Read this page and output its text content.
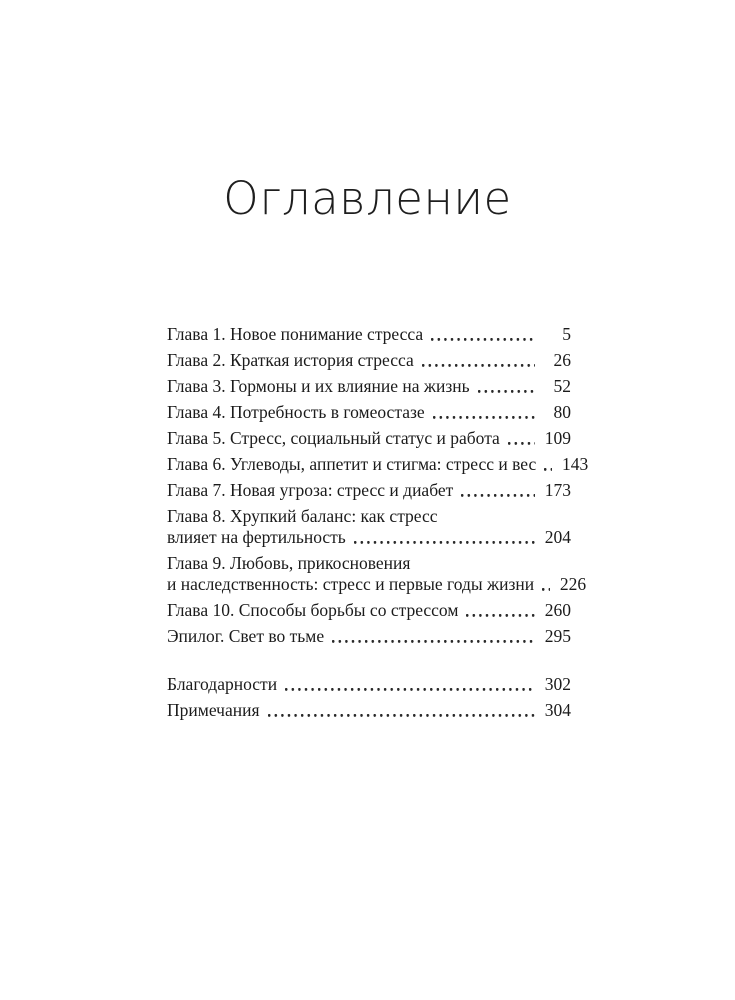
Оглавление
Глава 1. Новое понимание стресса	5
Глава 2. Краткая история стресса	26
Глава 3. Гормоны и их влияние на жизнь	52
Глава 4. Потребность в гомеостазе	80
Глава 5. Стресс, социальный статус и работа	109
Глава 6. Углеводы, аппетит и стигма: стресс и вес 143
Глава 7. Новая угроза: стресс и диабет	173
Глава 8. Хрупкий баланс: как стресс
влияет на фертильность	204
Глава 9. Любовь, прикосновения
и наследственность: стресс и первые годы жизни 226
Глава 10. Способы борьбы со стрессом	260
Эпилог. Свет во тьме	295
Благодарности	302
Примечания	304
